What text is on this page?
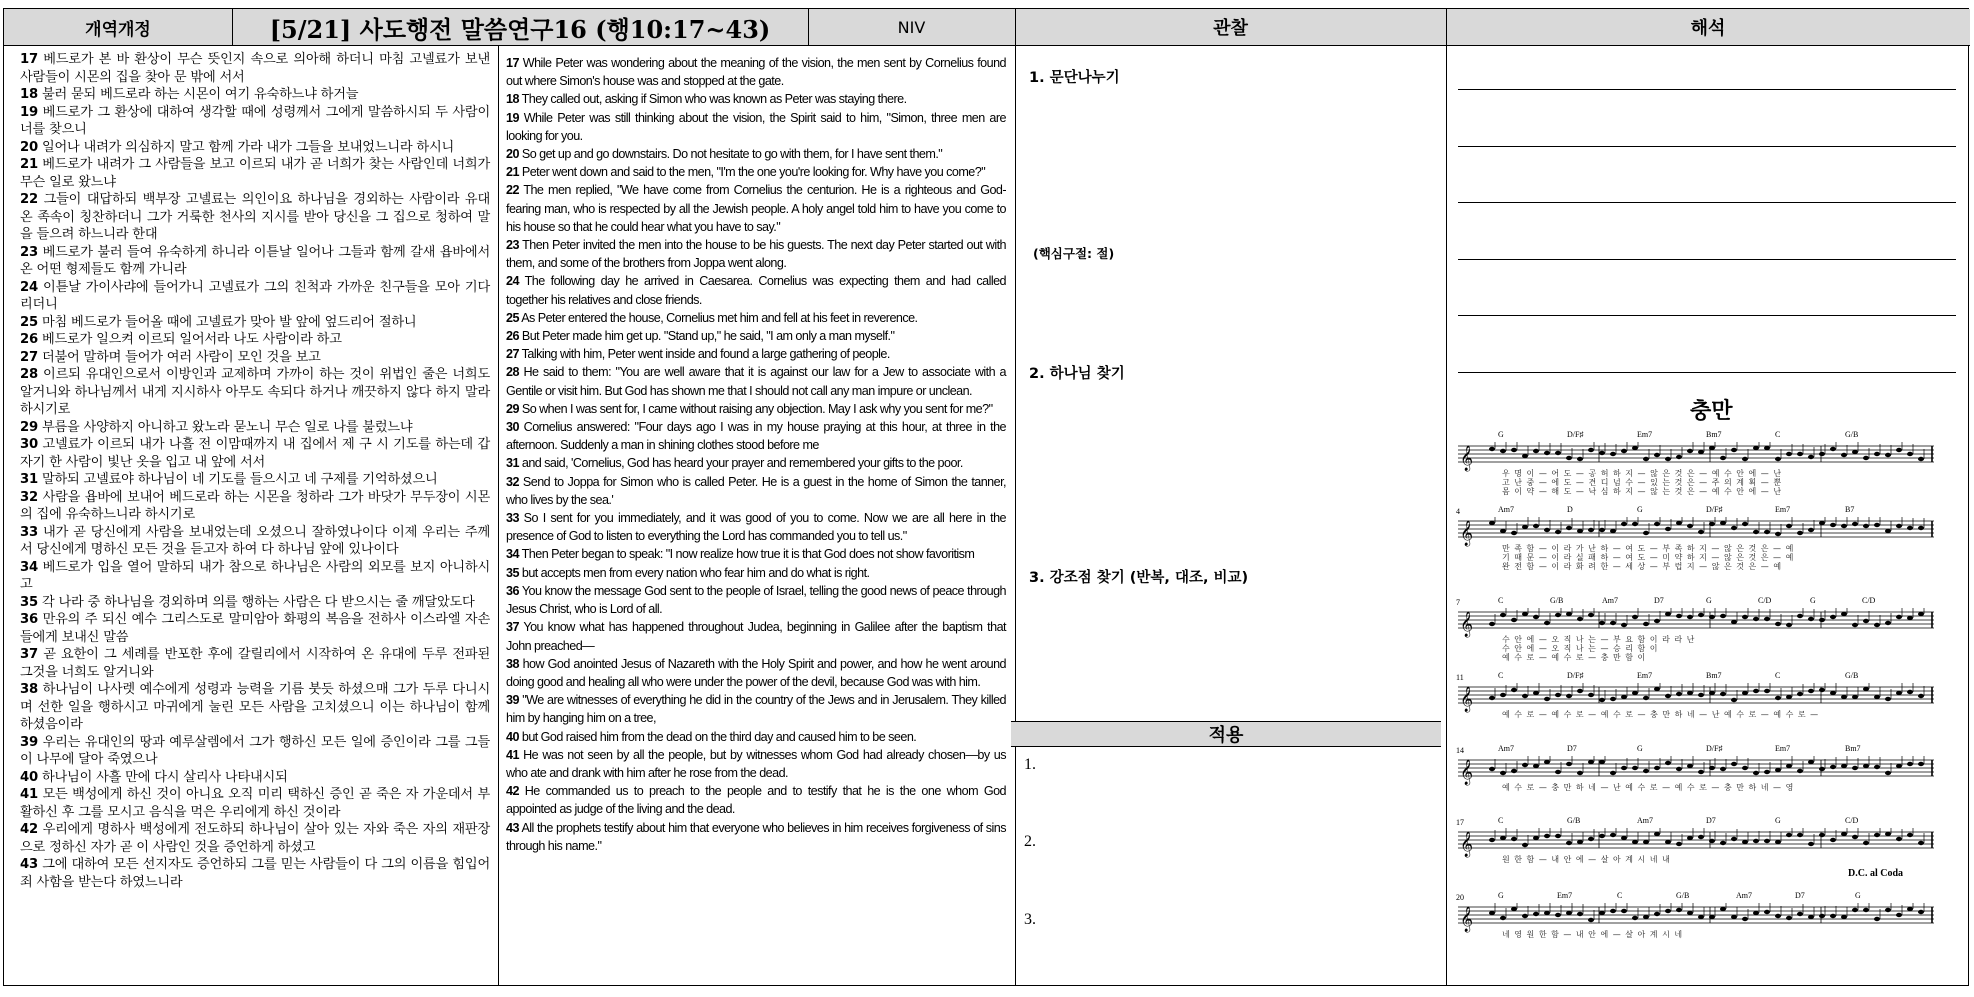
개역개정	[5/21] 사도행전 말씀연구16 (행10:17~43)	NIV	관찰	해석
17 베드로가 본 바 환상이 무슨 뜻인지 속으로 의아해 하더니 마침 고넬료가 보낸 사람들이 시몬의 집을 찾아 문 밖에 서서
18 불러 묻되 베드로라 하는 시몬이 여기 유숙하느냐 하거늘
19 베드로가 그 환상에 대하여 생각할 때에 성령께서 그에게 말씀하시되 두 사람이 너를 찾으니
20 일어나 내려가 의심하지 말고 함께 가라 내가 그들을 보내었느니라 하시니
21 베드로가 내려가 그 사람들을 보고 이르되 내가 곧 너희가 찾는 사람인데 너희가 무슨 일로 왔느냐
22 그들이 대답하되 백부장 고넬료는 의인이요 하나님을 경외하는 사람이라 유대 온 족속이 칭찬하더니 그가 거룩한 천사의 지시를 받아 당신을 그 집으로 청하여 말을 들으려 하느니라 한대
23 베드로가 불러 들여 유숙하게 하니라 이튿날 일어나 그들과 함께 갈새 욥바에서 온 어떤 형제들도 함께 가니라
24 이튿날 가이사랴에 들어가니 고넬료가 그의 친척과 가까운 친구들을 모아 기다리더니
25 마침 베드로가 들어올 때에 고넬료가 맞아 발 앞에 엎드리어 절하니
26 베드로가 일으켜 이르되 일어서라 나도 사람이라 하고
27 더불어 말하며 들어가 여러 사람이 모인 것을 보고
28 이르되 유대인으로서 이방인과 교제하며 가까이 하는 것이 위법인 줄은 너희도 알거니와 하나님께서 내게 지시하사 아무도 속되다 하거나 깨끗하지 않다 하지 말라 하시기로
29 부름을 사양하지 아니하고 왔노라 묻노니 무슨 일로 나를 불렀느냐
30 고넬료가 이르되 내가 나흘 전 이맘때까지 내 집에서 제 구 시 기도를 하는데 갑자기 한 사람이 빛난 옷을 입고 내 앞에 서서
31 말하되 고넬료야 하나님이 네 기도를 들으시고 네 구제를 기억하셨으니
32 사람을 욥바에 보내어 베드로라 하는 시몬을 청하라 그가 바닷가 무두장이 시몬의 집에 유숙하느니라 하시기로
33 내가 곧 당신에게 사람을 보내었는데 오셨으니 잘하였나이다 이제 우리는 주께서 당신에게 명하신 모든 것을 듣고자 하여 다 하나님 앞에 있나이다
34 베드로가 입을 열어 말하되 내가 참으로 하나님은 사람의 외모를 보지 아니하시고
35 각 나라 중 하나님을 경외하며 의를 행하는 사람은 다 받으시는 줄 깨달았도다
36 만유의 주 되신 예수 그리스도로 말미암아 화평의 복음을 전하사 이스라엘 자손들에게 보내신 말씀
37 곧 요한이 그 세례를 반포한 후에 갈릴리에서 시작하여 온 유대에 두루 전파된 그것을 너희도 알거니와
38 하나님이 나사렛 예수에게 성령과 능력을 기름 붓듯 하셨으매 그가 두루 다니시며 선한 일을 행하시고 마귀에게 눌린 모든 사람을 고치셨으니 이는 하나님이 함께 하셨음이라
39 우리는 유대인의 땅과 예루살렘에서 그가 행하신 모든 일에 증인이라 그를 그들이 나무에 달아 죽였으나
40 하나님이 사흘 만에 다시 살리사 나타내시되
41 모든 백성에게 하신 것이 아니요 오직 미리 택하신 증인 곧 죽은 자 가운데서 부활하신 후 그를 모시고 음식을 먹은 우리에게 하신 것이라
42 우리에게 명하사 백성에게 전도하되 하나님이 살아 있는 자와 죽은 자의 재판장으로 정하신 자가 곧 이 사람인 것을 증언하게 하셨고
43 그에 대하여 모든 선지자도 증언하되 그를 믿는 사람들이 다 그의 이름을 힘입어 죄 사함을 받는다 하였느니라
17 While Peter was wondering about the meaning of the vision, the men sent by Cornelius found out where Simon's house was and stopped at the gate.
18 They called out, asking if Simon who was known as Peter was staying there.
19 While Peter was still thinking about the vision, the Spirit said to him, "Simon, three men are looking for you.
20 So get up and go downstairs. Do not hesitate to go with them, for I have sent them."
21 Peter went down and said to the men, "I'm the one you're looking for. Why have you come?"
22 The men replied, "We have come from Cornelius the centurion. He is a righteous and God-fearing man, who is respected by all the Jewish people. A holy angel told him to have you come to his house so that he could hear what you have to say."
23 Then Peter invited the men into the house to be his guests. The next day Peter started out with them, and some of the brothers from Joppa went along.
24 The following day he arrived in Caesarea. Cornelius was expecting them and had called together his relatives and close friends.
25 As Peter entered the house, Cornelius met him and fell at his feet in reverence.
26 But Peter made him get up. "Stand up," he said, "I am only a man myself."
27 Talking with him, Peter went inside and found a large gathering of people.
28 He said to them: "You are well aware that it is against our law for a Jew to associate with a Gentile or visit him. But God has shown me that I should not call any man impure or unclean.
29 So when I was sent for, I came without raising any objection. May I ask why you sent for me?"
30 Cornelius answered: "Four days ago I was in my house praying at this hour, at three in the afternoon. Suddenly a man in shining clothes stood before me
31 and said, 'Cornelius, God has heard your prayer and remembered your gifts to the poor.
32 Send to Joppa for Simon who is called Peter. He is a guest in the home of Simon the tanner, who lives by the sea.'
33 So I sent for you immediately, and it was good of you to come. Now we are all here in the presence of God to listen to everything the Lord has commanded you to tell us."
34 Then Peter began to speak: "I now realize how true it is that God does not show favoritism
35 but accepts men from every nation who fear him and do what is right.
36 You know the message God sent to the people of Israel, telling the good news of peace through Jesus Christ, who is Lord of all.
37 You know what has happened throughout Judea, beginning in Galilee after the baptism that John preached—
38 how God anointed Jesus of Nazareth with the Holy Spirit and power, and how he went around doing good and healing all who were under the power of the devil, because God was with him.
39 "We are witnesses of everything he did in the country of the Jews and in Jerusalem. They killed him by hanging him on a tree,
40 but God raised him from the dead on the third day and caused him to be seen.
41 He was not seen by all the people, but by witnesses whom God had already chosen—by us who ate and drank with him after he rose from the dead.
42 He commanded us to preach to the people and to testify that he is the one whom God appointed as judge of the living and the dead.
43 All the prophets testify about him that everyone who believes in him receives forgiveness of sins through his name."
1. 문단나누기
(핵심구절: 절)
2. 하나님 찾기
3. 강조점 찾기 (반복, 대조, 비교)
적용
1.
2.
3.
충만
𝄞
G	D/F♯	Em7	Bm7	C	G/B
우 명 이 — 어 도 — 공 허 하 지 — 않 은 것 은 — 예 수 안 에 — 난
고 난 중 — 에 도 — 견 디 넘 수 — 있 는 것 은 — 주 의 계 획 — 뿐
몸 이 약 — 해 도 — 낙 심 하 지 — 않 는 것 은 — 예 수 안 에 — 난
𝄞
Am7	D	G	D/F♯	Em7	B7
만 족 함 — 이 라 가 난 하 — 여 도 — 부 족 하 지 — 않 은 것 은 — 예
기 때 문 — 이 라 실 패 하 — 여 도 — 미 약 하 지 — 않 은 것 은 — 예
완 전 함 — 이 라 화 려 한 — 세 상 — 부 럽 지 — 않 은 것 은 — 예
4
𝄞
C	G/B	Am7	D7	G	C/D	G	C/D
수 안 에 — 오 직 나 는 — 부 요 함 이 라 라 난
수 안 에 — 오 직 나 는 — 승 리 함 이
예 수 로 — 예 수 로 — 충 만 함 이
7
𝄞
C	D/F♯	Em7	Bm7	C	G/B
예 수 로 — 예 수 로 — 예 수 로 — 충 만 하 네 — 난 예 수 로 — 예 수 로 —
11
𝄞
Am7	D7	G	D/F♯	Em7	Bm7
예 수 로 — 충 만 하 네 — 난 예 수 로 — 예 수 로 — 충 만 하 네 — 영
14
𝄞
C	G/B	Am7	D7	G	C/D
원 한 함 — 내 안 에 — 살 아 계 시 네 내
17
𝄞
G	Em7	C	G/B	Am7	D7	G
네 영 원 한 함 — 내 안 에 — 살 아 계 시 네
20
D.C. al Coda
